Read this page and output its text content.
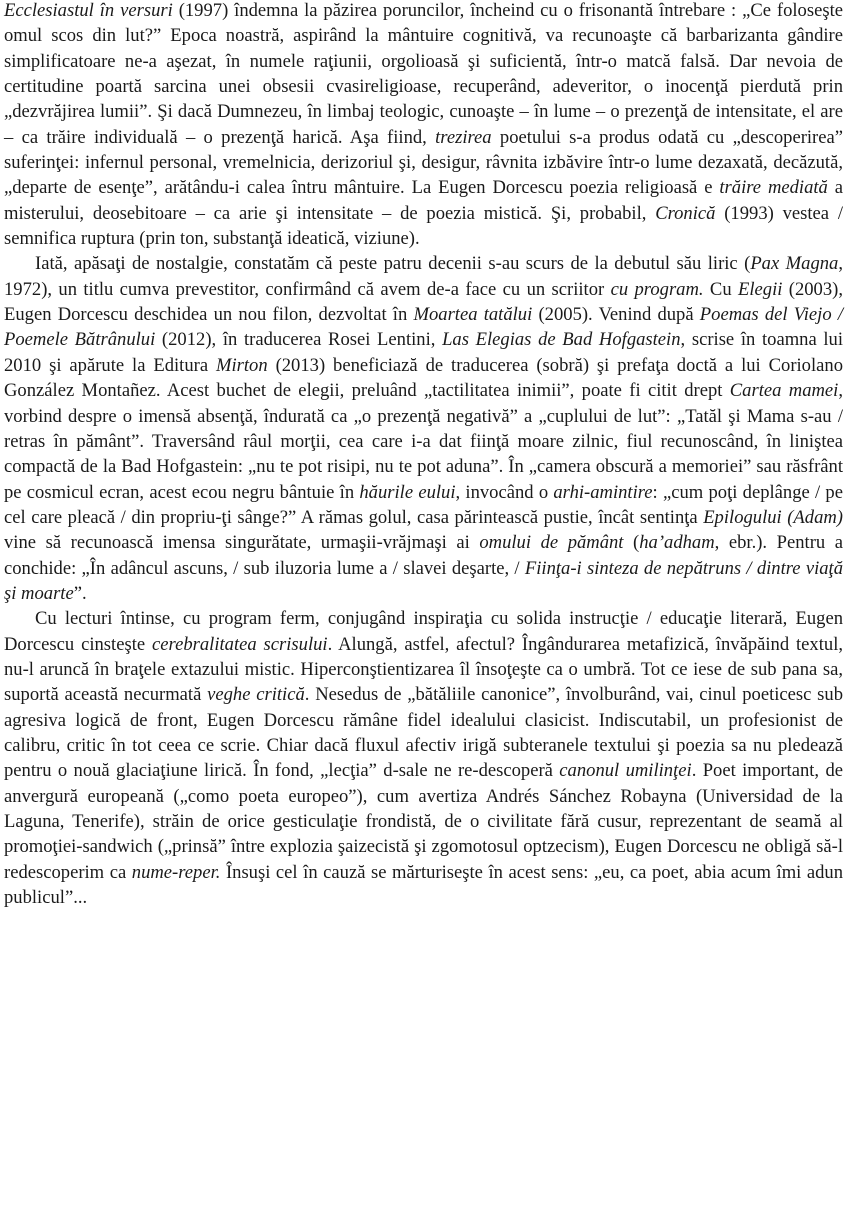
Ecclesiastul în versuri (1997) îndemna la păzirea poruncilor, încheind cu o frisonantă întrebare : „Ce foloseşte omul scos din lut?” Epoca noastră, aspirând la mântuire cognitivă, va recunoaşte că barbarizanta gândire simplificatoare ne-a aşezat, în numele raţiunii, orgolioasă şi suficientă, într-o matcă falsă. Dar nevoia de certitudine poartă sarcina unei obsesii cvasireligioase, recuperând, adeveritor, o inocenţă pierdută prin „dezvrăjirea lumii”. Şi dacă Dumnezeu, în limbaj teologic, cunoaşte – în lume – o prezenţă de intensitate, el are – ca trăire individuală – o prezenţă harică. Aşa fiind, trezirea poetului s-a produs odată cu „descoperirea” suferinţei: infernul personal, vremelnicia, derizoriul şi, desigur, râvnita izbăvire într-o lume dezaxată, decăzută, „departe de esenţe”, arătându-i calea întru mântuire. La Eugen Dorcescu poezia religioasă e trăire mediată a misterului, deosebitoare – ca arie şi intensitate – de poezia mistică. Şi, probabil, Cronică (1993) vestea / semnifica ruptura (prin ton, substanţă ideatică, viziune).

Iată, apăsaţi de nostalgie, constatăm că peste patru decenii s-au scurs de la debutul său liric (Pax Magna, 1972), un titlu cumva prevestitor, confirmând că avem de-a face cu un scriitor cu program. Cu Elegii (2003), Eugen Dorcescu deschidea un nou filon, dezvoltat în Moartea tatălui (2005). Venind după Poemas del Viejo / Poemele Bătrânului (2012), în traducerea Rosei Lentini, Las Elegias de Bad Hofgastein, scrise în toamna lui 2010 şi apărute la Editura Mirton (2013) beneficiază de traducerea (sobră) şi prefaţa doctă a lui Coriolano González Montañez. Acest buchet de elegii, preluând „tactilitatea inimii”, poate fi citit drept Cartea mamei, vorbind despre o imensă absenţă, îndurată ca „o prezenţă negativă” a „cuplului de lut”: „Tatăl şi Mama s-au / retras în pământ”. Traversând râul morţii, cea care i-a dat fiinţă moare zilnic, fiul recunoscând, în liniştea compactă de la Bad Hofgastein: „nu te pot risipi, nu te pot aduna”. În „camera obscură a memoriei” sau răsfrânt pe cosmicul ecran, acest ecou negru bântuie în hăurile eului, invocând o arhi-amintire: „cum poţi deplânge / pe cel care pleacă / din propriu-ţi sânge?” A rămas golul, casa părintească pustie, încât sentinţa Epilogului (Adam) vine să recunoască imensa singurătate, urmaşii-vrăjmaşi ai omului de pământ (ha’adham, ebr.). Pentru a conchide: „În adâncul ascuns, / sub iluzoria lume a / slavei deşarte, / Fiinţa-i sinteza de nepătruns / dintre viaţă şi moarte”.

Cu lecturi întinse, cu program ferm, conjugând inspiraţia cu solida instrucţie / educaţie literară, Eugen Dorcescu cinsteşte cerebralitatea scrisului. Alungă, astfel, afectul? Îngândurarea metafizică, învăpăind textul, nu-l aruncă în braţele extazului mistic. Hiperconştientizarea îl însoţeşte ca o umbră. Tot ce iese de sub pana sa, suportă această necurmată veghe critică. Nesedus de „bătăliile canonice”, învolburând, vai, cinul poeticesc sub agresiva logică de front, Eugen Dorcescu rămâne fidel idealului clasicist. Indiscutabil, un profesionist de calibru, critic în tot ceea ce scrie. Chiar dacă fluxul afectiv irigă subteranele textului şi poezia sa nu pledează pentru o nouă glaciaţiune lirică. În fond, „lecţia” d-sale ne re-descoperă canonul umilinţei. Poet important, de anvergură europeană („como poeta europeo”), cum avertiza Andrés Sánchez Robayna (Universidad de la Laguna, Tenerife), străin de orice gesticulaţie frondistă, de o civilitate fără cusur, reprezentant de seamă al promoţiei-sandwich („prinsă” între explozia şaizecistă şi zgomotosul optzecism), Eugen Dorcescu ne obligă să-l redescoperim ca nume-reper. Însuşi cel în cauză se mărturiseşte în acest sens: „eu, ca poet, abia acum îmi adun publicul”...
